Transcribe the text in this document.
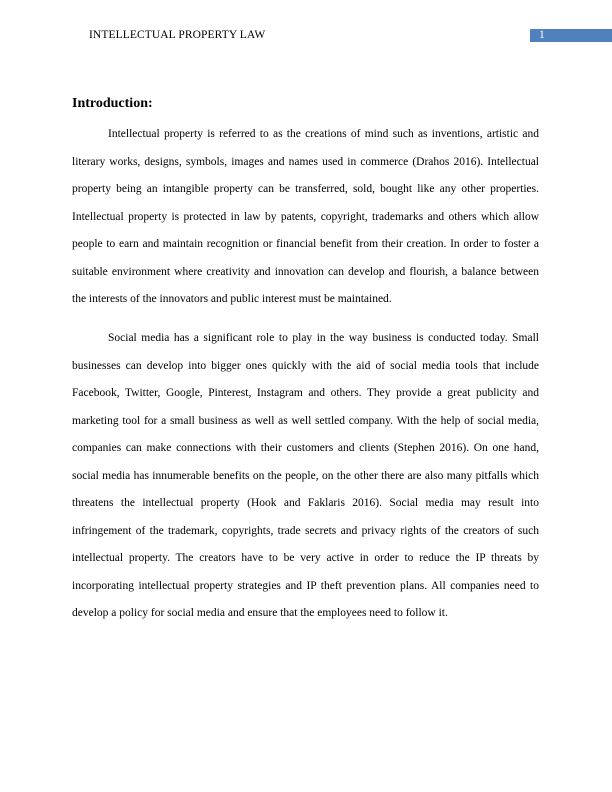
INTELLECTUAL PROPERTY LAW	1
Introduction:

Intellectual property is referred to as the creations of mind such as inventions, artistic and literary works, designs, symbols, images and names used in commerce (Drahos 2016). Intellectual property being an intangible property can be transferred, sold, bought like any other properties. Intellectual property is protected in law by patents, copyright, trademarks and others which allow people to earn and maintain recognition or financial benefit from their creation. In order to foster a suitable environment where creativity and innovation can develop and flourish, a balance between the interests of the innovators and public interest must be maintained.

Social media has a significant role to play in the way business is conducted today. Small businesses can develop into bigger ones quickly with the aid of social media tools that include Facebook, Twitter, Google, Pinterest, Instagram and others. They provide a great publicity and marketing tool for a small business as well as well settled company. With the help of social media, companies can make connections with their customers and clients (Stephen 2016). On one hand, social media has innumerable benefits on the people, on the other there are also many pitfalls which threatens the intellectual property (Hook and Faklaris 2016). Social media may result into infringement of the trademark, copyrights, trade secrets and privacy rights of the creators of such intellectual property. The creators have to be very active in order to reduce the IP threats by incorporating intellectual property strategies and IP theft prevention plans. All companies need to develop a policy for social media and ensure that the employees need to follow it.
